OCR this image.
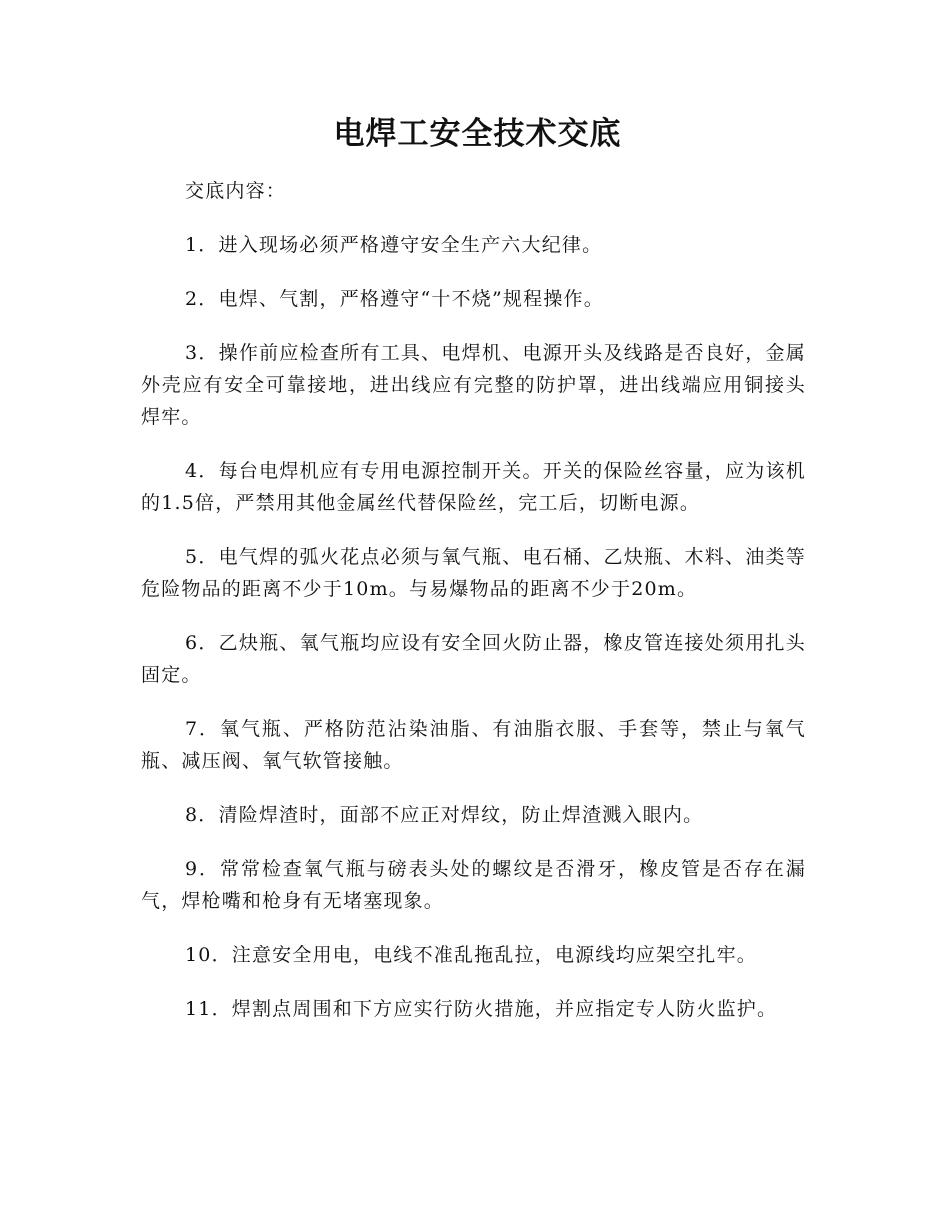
电焊工安全技术交底

交底内容：

1．进入现场必须严格遵守安全生产六大纪律。
2．电焊、气割，严格遵守“十不烧”规程操作。
3．操作前应检查所有工具、电焊机、电源开头及线路是否良好，金属外壳应有安全可靠接地，进出线应有完整的防护罩，进出线端应用铜接头焊牢。
4．每台电焊机应有专用电源控制开关。开关的保险丝容量，应为该机的1.5倍，严禁用其他金属丝代替保险丝，完工后，切断电源。
5．电气焊的弧火花点必须与氧气瓶、电石桶、乙炔瓶、木料、油类等危险物品的距离不少于10m。与易爆物品的距离不少于20m。
6．乙炔瓶、氧气瓶均应设有安全回火防止器，橡皮管连接处须用扎头固定。
7．氧气瓶、严格防范沾染油脂、有油脂衣服、手套等，禁止与氧气瓶、减压阀、氧气软管接触。
8．清险焊渣时，面部不应正对焊纹，防止焊渣溅入眼内。
9．常常检查氧气瓶与磅表头处的螺纹是否滑牙，橡皮管是否存在漏气，焊枪嘴和枪身有无堵塞现象。
10．注意安全用电，电线不准乱拖乱拉，电源线均应架空扎牢。
11．焊割点周围和下方应实行防火措施，并应指定专人防火监护。
